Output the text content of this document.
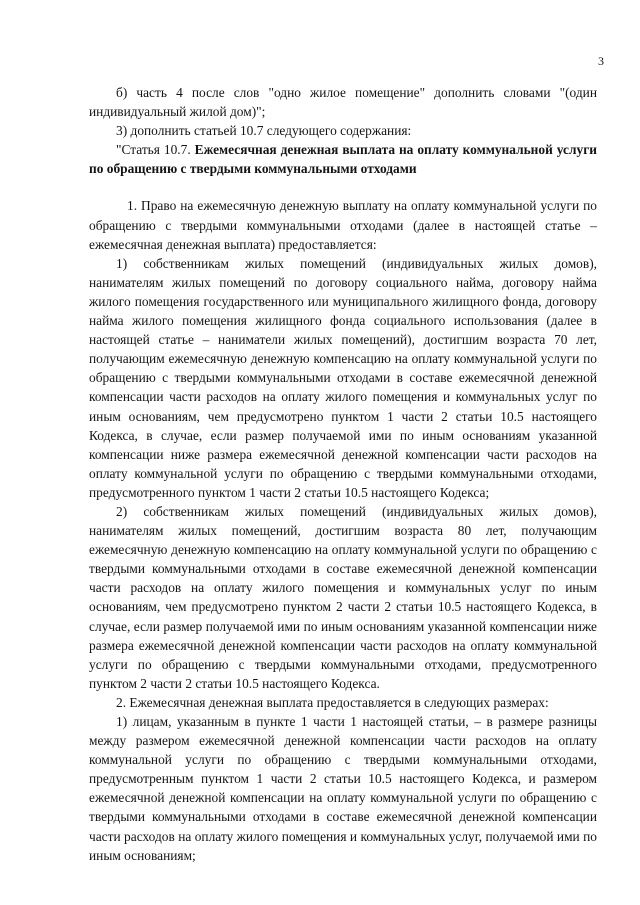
3

б) часть 4 после слов "одно жилое помещение" дополнить словами "(один индивидуальный жилой дом)";

3) дополнить статьей 10.7 следующего содержания:

"Статья 10.7. Ежемесячная денежная выплата на оплату коммунальной услуги по обращению с твердыми коммунальными отходами

1. Право на ежемесячную денежную выплату на оплату коммунальной услуги по обращению с твердыми коммунальными отходами (далее в настоящей статье – ежемесячная денежная выплата) предоставляется:

1) собственникам жилых помещений (индивидуальных жилых домов), нанимателям жилых помещений по договору социального найма, договору найма жилого помещения государственного или муниципального жилищного фонда, договору найма жилого помещения жилищного фонда социального использования (далее в настоящей статье – наниматели жилых помещений), достигшим возраста 70 лет, получающим ежемесячную денежную компенсацию на оплату коммунальной услуги по обращению с твердыми коммунальными отходами в составе ежемесячной денежной компенсации части расходов на оплату жилого помещения и коммунальных услуг по иным основаниям, чем предусмотрено пунктом 1 части 2 статьи 10.5 настоящего Кодекса, в случае, если размер получаемой ими по иным основаниям указанной компенсации ниже размера ежемесячной денежной компенсации части расходов на оплату коммунальной услуги по обращению с твердыми коммунальными отходами, предусмотренного пунктом 1 части 2 статьи 10.5 настоящего Кодекса;

2) собственникам жилых помещений (индивидуальных жилых домов), нанимателям жилых помещений, достигшим возраста 80 лет, получающим ежемесячную денежную компенсацию на оплату коммунальной услуги по обращению с твердыми коммунальными отходами в составе ежемесячной денежной компенсации части расходов на оплату жилого помещения и коммунальных услуг по иным основаниям, чем предусмотрено пунктом 2 части 2 статьи 10.5 настоящего Кодекса, в случае, если размер получаемой ими по иным основаниям указанной компенсации ниже размера ежемесячной денежной компенсации части расходов на оплату коммунальной услуги по обращению с твердыми коммунальными отходами, предусмотренного пунктом 2 части 2 статьи 10.5 настоящего Кодекса.

2. Ежемесячная денежная выплата предоставляется в следующих размерах:

1) лицам, указанным в пункте 1 части 1 настоящей статьи, – в размере разницы между размером ежемесячной денежной компенсации части расходов на оплату коммунальной услуги по обращению с твердыми коммунальными отходами, предусмотренным пунктом 1 части 2 статьи 10.5 настоящего Кодекса, и размером ежемесячной денежной компенсации на оплату коммунальной услуги по обращению с твердыми коммунальными отходами в составе ежемесячной денежной компенсации части расходов на оплату жилого помещения и коммунальных услуг, получаемой ими по иным основаниям;
